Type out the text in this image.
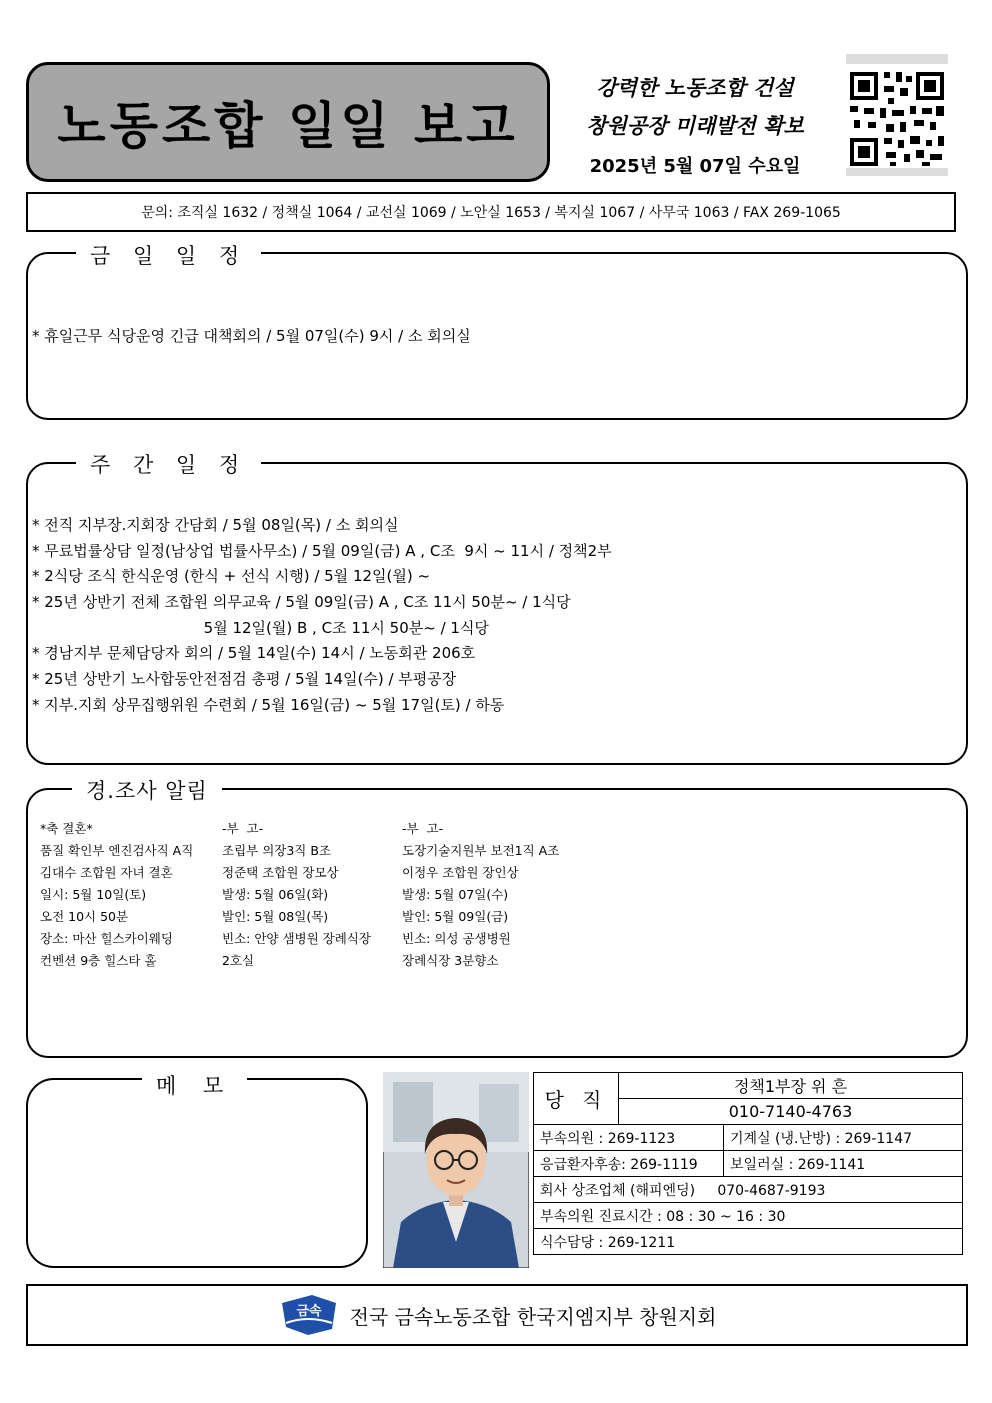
노동조합 일일 보고
강력한 노동조합 건설
창원공장 미래발전 확보
2025년 5월 07일 수요일
문의: 조직실 1632 / 정책실 1064 / 교선실 1069 / 노안실 1653 / 복지실 1067 / 사무국 1063 / FAX 269-1065
금 일 일 정
* 휴일근무 식당운영 긴급 대책회의 / 5월 07일(수) 9시 / 소 회의실
주 간 일 정
* 전직 지부장.지회장 간담회 / 5월 08일(목) / 소 회의실
* 무료법률상담 일정(남상업 법률사무소) / 5월 09일(금) A , C조  9시 ~ 11시 / 정책2부
* 2식당 조식 한식운영 (한식 + 선식 시행) / 5월 12일(월) ~
* 25년 상반기 전체 조합원 의무교육 / 5월 09일(금) A , C조 11시 50분~ / 1식당
5월 12일(월) B , C조 11시 50분~ / 1식당
* 경남지부 문체담당자 회의 / 5월 14일(수) 14시 / 노동회관 206호
* 25년 상반기 노사합동안전점검 총평 / 5월 14일(수) / 부평공장
* 지부.지회 상무집행위원 수련회 / 5월 16일(금) ~ 5월 17일(토) / 하동
경.조사 알림
*축 결혼*
품질 확인부 엔진검사직 A직
김대수 조합원 자녀 결혼
일시: 5월 10일(토)
오전 10시 50분
장소: 마산 힐스카이웨딩
컨벤션 9층 힐스타 홀
-부  고-
조립부 의장3직 B조
정준택 조합원 장모상
발생: 5월 06일(화)
발인: 5월 08일(목)
빈소: 안양 샘병원 장례식장
2호실
-부  고-
도장기술지원부 보전1직 A조
이정우 조합원 장인상
발생: 5월 07일(수)
발인: 5월 09일(금)
빈소: 의성 공생병원
장례식장 3분향소
메 모
당 직	정책1부장 위 흔	
	010-7140-4763	
부속의원 : 269-1123		기계실 (냉.난방) : 269-1147
응급환자후송: 269-1119		보일러실 : 269-1141
회사 상조업체 (해피엔딩)     070-4687-9193		
부속의원 진료시간 : 08 : 30 ~ 16 : 30		
식수담당 : 269-1211		
금속 전국 금속노동조합 한국지엠지부 창원지회
